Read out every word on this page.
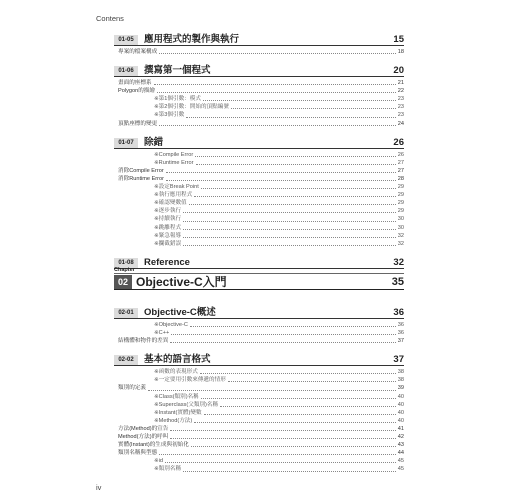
Contens
01-05	應用程式的製作與執行	15
專案的檔案構成	18
01-06	撰寫第一個程式	20
畫面的座標系	21
Polygon的描繪	22
※第1個引數：模式	23
※第2個引數：開始的頂點編號	23
※第3個引數	23
頂點座標的變更	24
01-07	除錯	26
※Compile Error	26
※Runtime Error	27
消除Compile Error	27
消除Runtime Error	28
※設定Break Point	29
※執行應用程式	29
※確認變數值	29
※逐步執行	29
※持續執行	30
※跳離程式	30
※緊急報導	32
※攔截錯誤	32
01-08	Reference	32
Chapter
02 Objective-C入門	35
02-01	Objective-C概述	36
※Objective-C	36
※C++	36
結構體和物件的差異	37
02-02	基本的語言格式	37
※函數的表現形式	38
※一定要用引數來傳遞的情形	38
類別的定義	39
※Class(類別)名稱	40
※Superclass(父類別)名稱	40
※Instant(實體)變數	40
※Method(方法)	40
方法(Method)的宣告	41
Method(方法)的呼叫	42
實體(Instant)的生成與初始化	43
類別名稱與型態	44
※id	45
※類別名稱	45
iv
